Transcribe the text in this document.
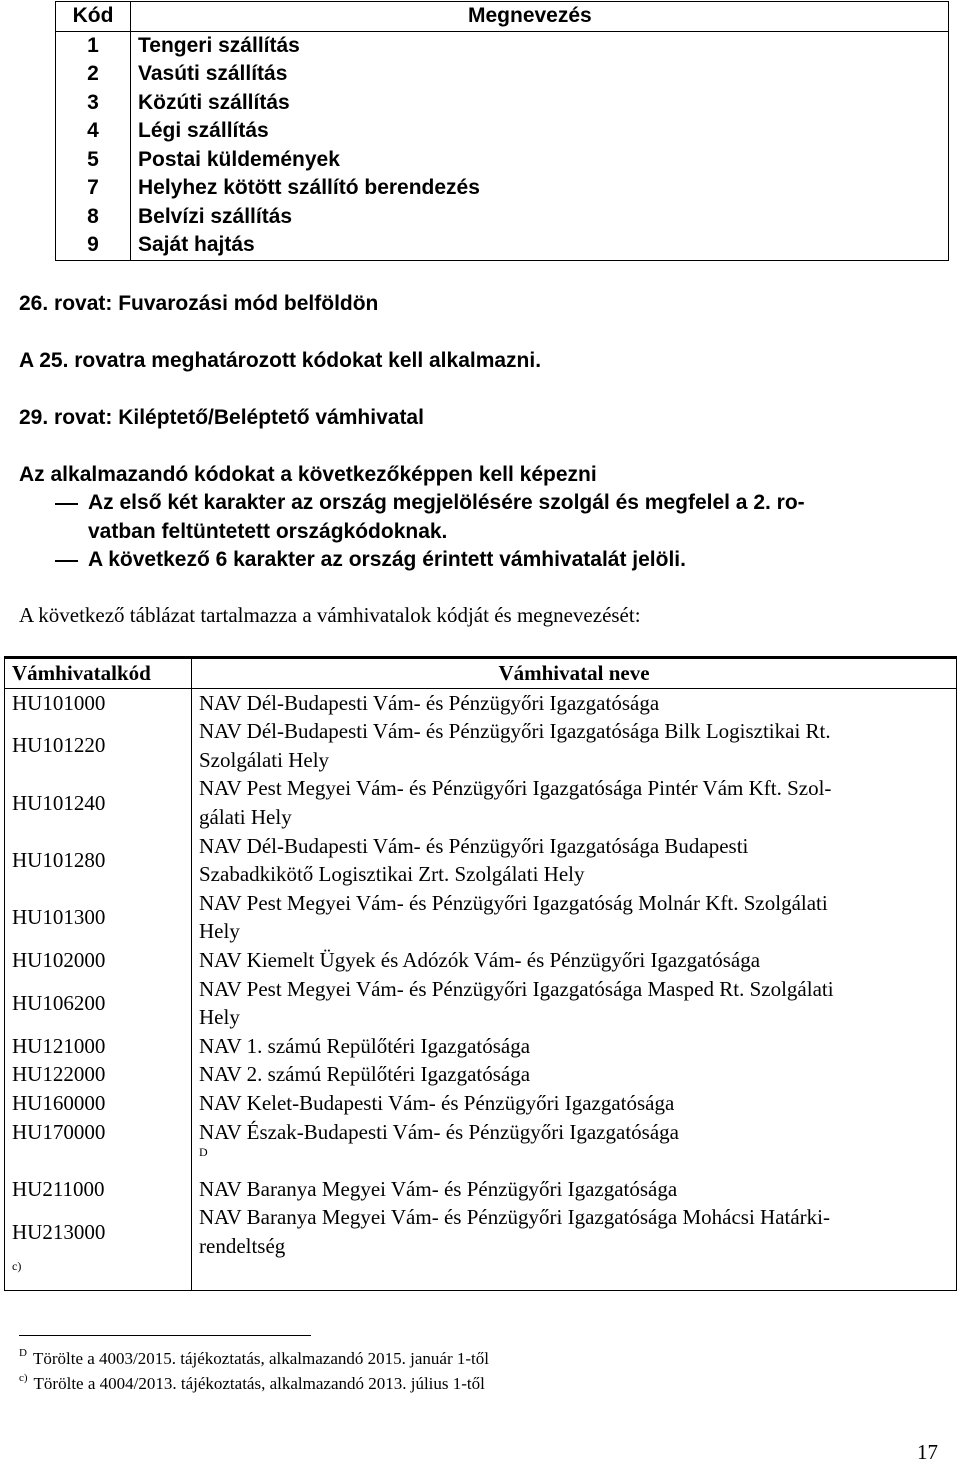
Kód	Megnevezés
1	Tengeri szállítás
2	Vasúti szállítás
3	Közúti szállítás
4	Légi szállítás
5	Postai küldemények
7	Helyhez kötött szállító berendezés
8	Belvízi szállítás
9	Saját hajtás
26. rovat: Fuvarozási mód belföldön
A 25. rovatra meghatározott kódokat kell alkalmazni.
29. rovat: Kiléptető/Beléptető vámhivatal
Az alkalmazandó kódokat a következőképpen kell képezni
Az első két karakter az ország megjelölésére szolgál és megfelel a 2. ro-
vatban feltüntetett országkódoknak.
A következő 6 karakter az ország érintett vámhivatalát jelöli.
A következő táblázat tartalmazza a vámhivatalok kódját és megnevezését:
Vámhivatalkód	Vámhivatal neve
HU101000	NAV Dél-Budapesti Vám- és Pénzügyőri Igazgatósága
HU101220	NAV Dél-Budapesti Vám- és Pénzügyőri Igazgatósága Bilk Logisztikai Rt.
Szolgálati Hely

HU101240	NAV Pest Megyei Vám- és Pénzügyőri Igazgatósága Pintér Vám Kft. Szol-
gálati Hely

HU101280	NAV Dél-Budapesti Vám- és Pénzügyőri Igazgatósága Budapesti
Szabadkikötő Logisztikai Zrt. Szolgálati Hely

HU101300	NAV Pest Megyei Vám- és Pénzügyőri Igazgatóság Molnár Kft. Szolgálati
Hely

HU102000	NAV Kiemelt Ügyek és Adózók Vám- és Pénzügyőri Igazgatósága
HU106200	NAV Pest Megyei Vám- és Pénzügyőri Igazgatósága Masped Rt. Szolgálati
Hely

HU121000	NAV 1. számú Repülőtéri Igazgatósága
HU122000	NAV 2. számú Repülőtéri Igazgatósága
HU160000	NAV Kelet-Budapesti Vám- és Pénzügyőri Igazgatósága
HU170000	NAV Észak-Budapesti Vám- és Pénzügyőri Igazgatósága
	$^D$
HU211000	NAV Baranya Megyei Vám- és Pénzügyőri Igazgatósága
HU213000	NAV Baranya Megyei Vám- és Pénzügyőri Igazgatósága Mohácsi Határki-
rendeltség

$^{c)}$	
$^D$ Törölte a 4003/2015. tájékoztatás, alkalmazandó 2015. január 1-től
$^{c)}$ Törölte a 4004/2013. tájékoztatás, alkalmazandó 2013. július 1-től
17
